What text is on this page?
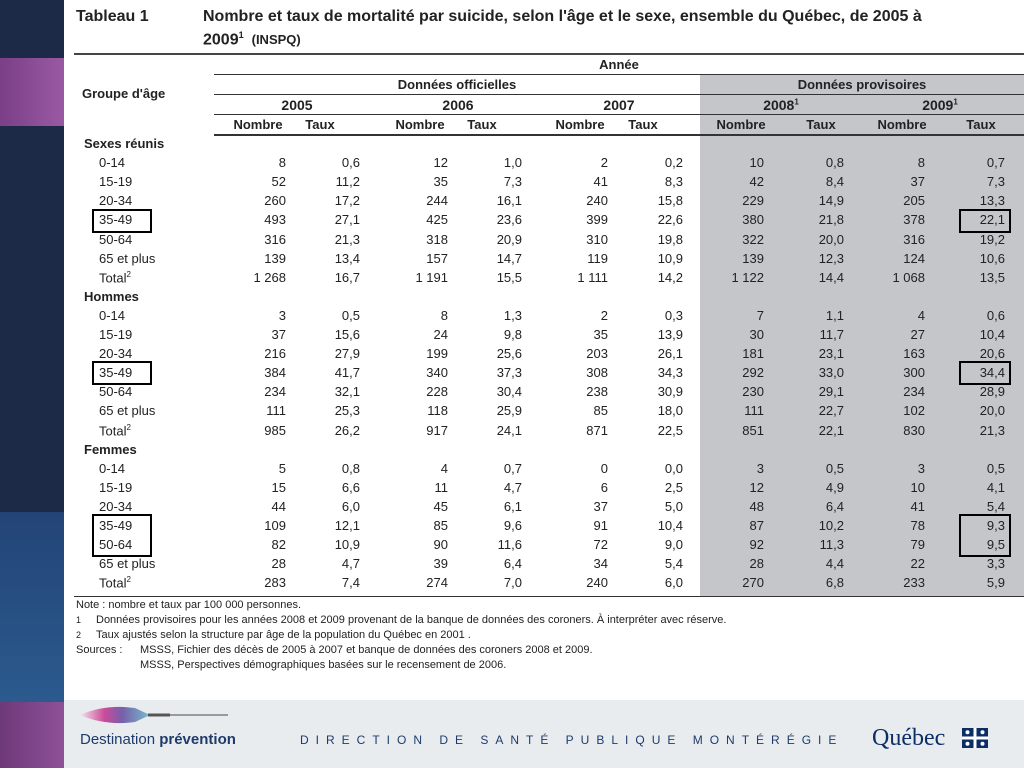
Tableau 1	Nombre et taux de mortalité par suicide, selon l'âge et le sexe, ensemble du Québec, de 2005 à 2009$^1$ (INSPQ)
Année
Groupe d'âge
Données officielles	Données provisoires
2005	2006	2007	2008$^1$	2009$^1$
Nombre	Taux	Nombre	Taux	Nombre	Taux	Nombre	Taux	Nombre	Taux
Sexes réunis
0-14	8	0,6	12	1,0	2	0,2	10	0,8	8	0,7
15-19	52	11,2	35	7,3	41	8,3	42	8,4	37	7,3
20-34	260	17,2	244	16,1	240	15,8	229	14,9	205	13,3
35-49	493	27,1	425	23,6	399	22,6	380	21,8	378	22,1
50-64	316	21,3	318	20,9	310	19,8	322	20,0	316	19,2
65 et plus	139	13,4	157	14,7	119	10,9	139	12,3	124	10,6
Total$^2$	1 268	16,7	1 191	15,5	1 111	14,2	1 122	14,4	1 068	13,5
Hommes
0-14	3	0,5	8	1,3	2	0,3	7	1,1	4	0,6
15-19	37	15,6	24	9,8	35	13,9	30	11,7	27	10,4
20-34	216	27,9	199	25,6	203	26,1	181	23,1	163	20,6
35-49	384	41,7	340	37,3	308	34,3	292	33,0	300	34,4
50-64	234	32,1	228	30,4	238	30,9	230	29,1	234	28,9
65 et plus	111	25,3	118	25,9	85	18,0	111	22,7	102	20,0
Total$^2$	985	26,2	917	24,1	871	22,5	851	22,1	830	21,3
Femmes
0-14	5	0,8	4	0,7	0	0,0	3	0,5	3	0,5
15-19	15	6,6	11	4,7	6	2,5	12	4,9	10	4,1
20-34	44	6,0	45	6,1	37	5,0	48	6,4	41	5,4
35-49	109	12,1	85	9,6	91	10,4	87	10,2	78	9,3
50-64	82	10,9	90	11,6	72	9,0	92	11,3	79	9,5
65 et plus	28	4,7	39	6,4	34	5,4	28	4,4	22	3,3
Total$^2$	283	7,4	274	7,0	240	6,0	270	6,8	233	5,9
Note : nombre et taux par 100 000 personnes.
1 Données provisoires pour les années 2008 et 2009 provenant de la banque de données des coroners. À interpréter avec réserve.
2 Taux ajustés selon la structure par âge de la population du Québec en 2001 .
Sources : MSSS, Fichier des décès de 2005 à 2007 et banque de données des coroners 2008 et 2009.
MSSS, Perspectives démographiques basées sur le recensement de 2006.
Destination prévention	DIRECTION DE SANTÉ PUBLIQUE MONTÉRÉGIE Québec
